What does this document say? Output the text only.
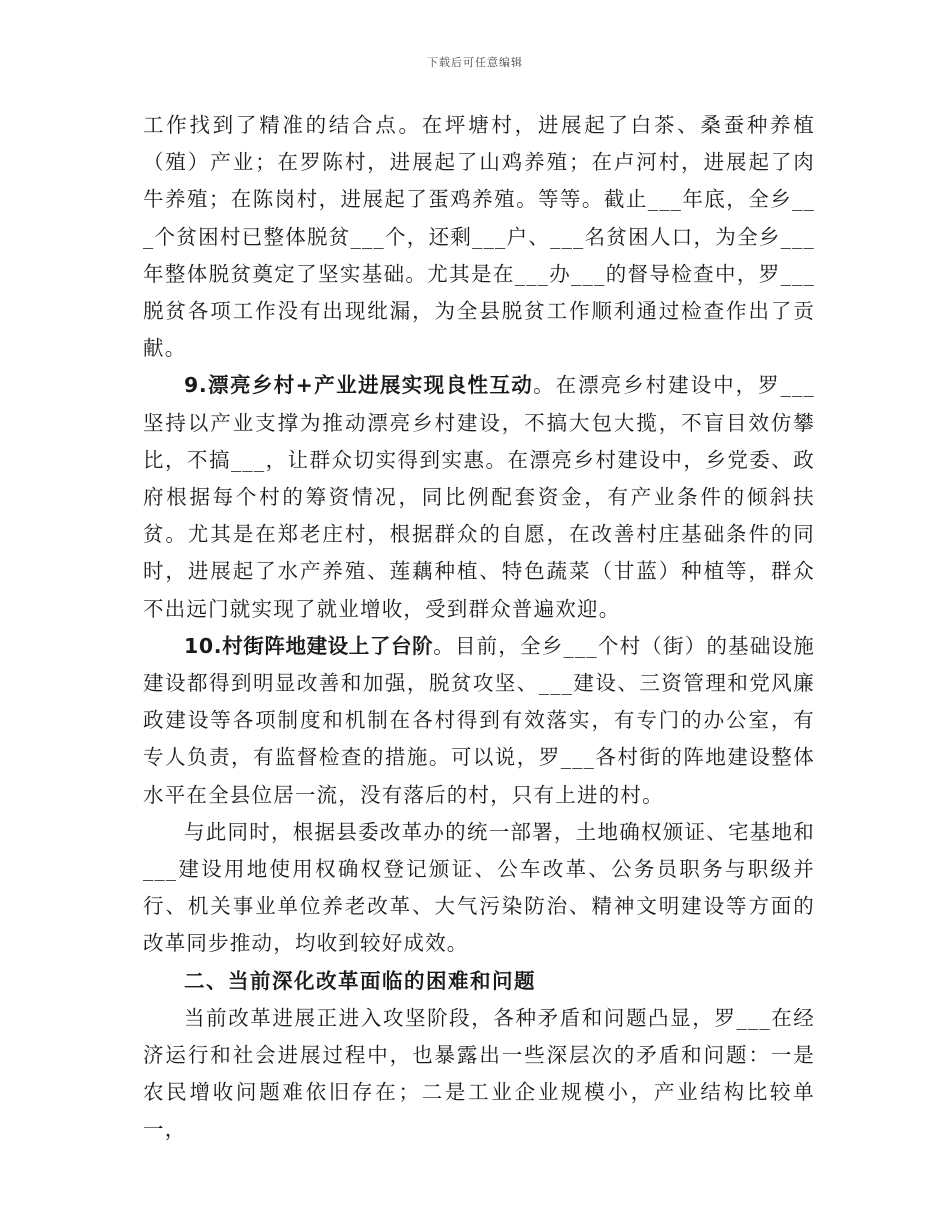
下载后可任意编辑

工作找到了精准的结合点。在坪塘村，进展起了白茶、桑蚕种养植（殖）产业；在罗陈村，进展起了山鸡养殖；在卢河村，进展起了肉牛养殖；在陈岗村，进展起了蛋鸡养殖。等等。截止___年底，全乡___个贫困村已整体脱贫___个，还剩___户、___名贫困人口，为全乡___年整体脱贫奠定了坚实基础。尤其是在___办___的督导检查中，罗___脱贫各项工作没有出现纰漏，为全县脱贫工作顺利通过检查作出了贡献。

9.漂亮乡村+产业进展实现良性互动。在漂亮乡村建设中，罗___坚持以产业支撑为推动漂亮乡村建设，不搞大包大揽，不盲目效仿攀比，不搞___，让群众切实得到实惠。在漂亮乡村建设中，乡党委、政府根据每个村的筹资情况，同比例配套资金，有产业条件的倾斜扶贫。尤其是在郑老庄村，根据群众的自愿，在改善村庄基础条件的同时，进展起了水产养殖、莲藕种植、特色蔬菜（甘蓝）种植等，群众不出远门就实现了就业增收，受到群众普遍欢迎。

10.村街阵地建设上了台阶。目前，全乡___个村（街）的基础设施建设都得到明显改善和加强，脱贫攻坚、___建设、三资管理和党风廉政建设等各项制度和机制在各村得到有效落实，有专门的办公室，有专人负责，有监督检查的措施。可以说，罗___各村街的阵地建设整体水平在全县位居一流，没有落后的村，只有上进的村。

与此同时，根据县委改革办的统一部署，土地确权颁证、宅基地和___建设用地使用权确权登记颁证、公车改革、公务员职务与职级并行、机关事业单位养老改革、大气污染防治、精神文明建设等方面的改革同步推动，均收到较好成效。

二、当前深化改革面临的困难和问题

当前改革进展正进入攻坚阶段，各种矛盾和问题凸显，罗___在经济运行和社会进展过程中，也暴露出一些深层次的矛盾和问题：一是农民增收问题难依旧存在；二是工业企业规模小，产业结构比较单一，
